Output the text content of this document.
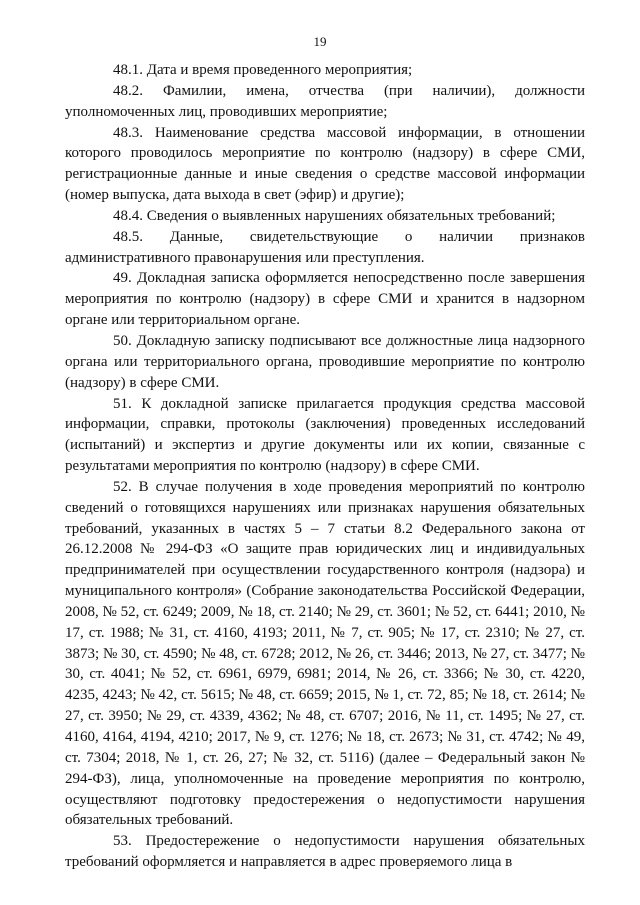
19

48.1. Дата и время проведенного мероприятия;

48.2. Фамилии, имена, отчества (при наличии), должности уполномоченных лиц, проводивших мероприятие;

48.3. Наименование средства массовой информации, в отношении которого проводилось мероприятие по контролю (надзору) в сфере СМИ, регистрационные данные и иные сведения о средстве массовой информации (номер выпуска, дата выхода в свет (эфир) и другие);

48.4. Сведения о выявленных нарушениях обязательных требований;

48.5. Данные, свидетельствующие о наличии признаков административного правонарушения или преступления.

49. Докладная записка оформляется непосредственно после завершения мероприятия по контролю (надзору) в сфере СМИ и хранится в надзорном органе или территориальном органе.

50. Докладную записку подписывают все должностные лица надзорного органа или территориального органа, проводившие мероприятие по контролю (надзору) в сфере СМИ.

51. К докладной записке прилагается продукция средства массовой информации, справки, протоколы (заключения) проведенных исследований (испытаний) и экспертиз и другие документы или их копии, связанные с результатами мероприятия по контролю (надзору) в сфере СМИ.

52. В случае получения в ходе проведения мероприятий по контролю сведений о готовящихся нарушениях или признаках нарушения обязательных требований, указанных в частях 5 – 7 статьи 8.2 Федерального закона от 26.12.2008 № 294-ФЗ «О защите прав юридических лиц и индивидуальных предпринимателей при осуществлении государственного контроля (надзора) и муниципального контроля» (Собрание законодательства Российской Федерации, 2008, № 52, ст. 6249; 2009, № 18, ст. 2140; № 29, ст. 3601; № 52, ст. 6441; 2010, № 17, ст. 1988; № 31, ст. 4160, 4193; 2011, № 7, ст. 905; № 17, ст. 2310; № 27, ст. 3873; № 30, ст. 4590; № 48, ст. 6728; 2012, № 26, ст. 3446; 2013, № 27, ст. 3477; № 30, ст. 4041; № 52, ст. 6961, 6979, 6981; 2014, № 26, ст. 3366; № 30, ст. 4220, 4235, 4243; № 42, ст. 5615; № 48, ст. 6659; 2015, № 1, ст. 72, 85; № 18, ст. 2614; № 27, ст. 3950; № 29, ст. 4339, 4362; № 48, ст. 6707; 2016, № 11, ст. 1495; № 27, ст. 4160, 4164, 4194, 4210; 2017, № 9, ст. 1276; № 18, ст. 2673; № 31, ст. 4742; № 49, ст. 7304; 2018, № 1, ст. 26, 27; № 32, ст. 5116) (далее – Федеральный закон № 294-ФЗ), лица, уполномоченные на проведение мероприятия по контролю, осуществляют подготовку предостережения о недопустимости нарушения обязательных требований.

53. Предостережение о недопустимости нарушения обязательных требований оформляется и направляется в адрес проверяемого лица в
